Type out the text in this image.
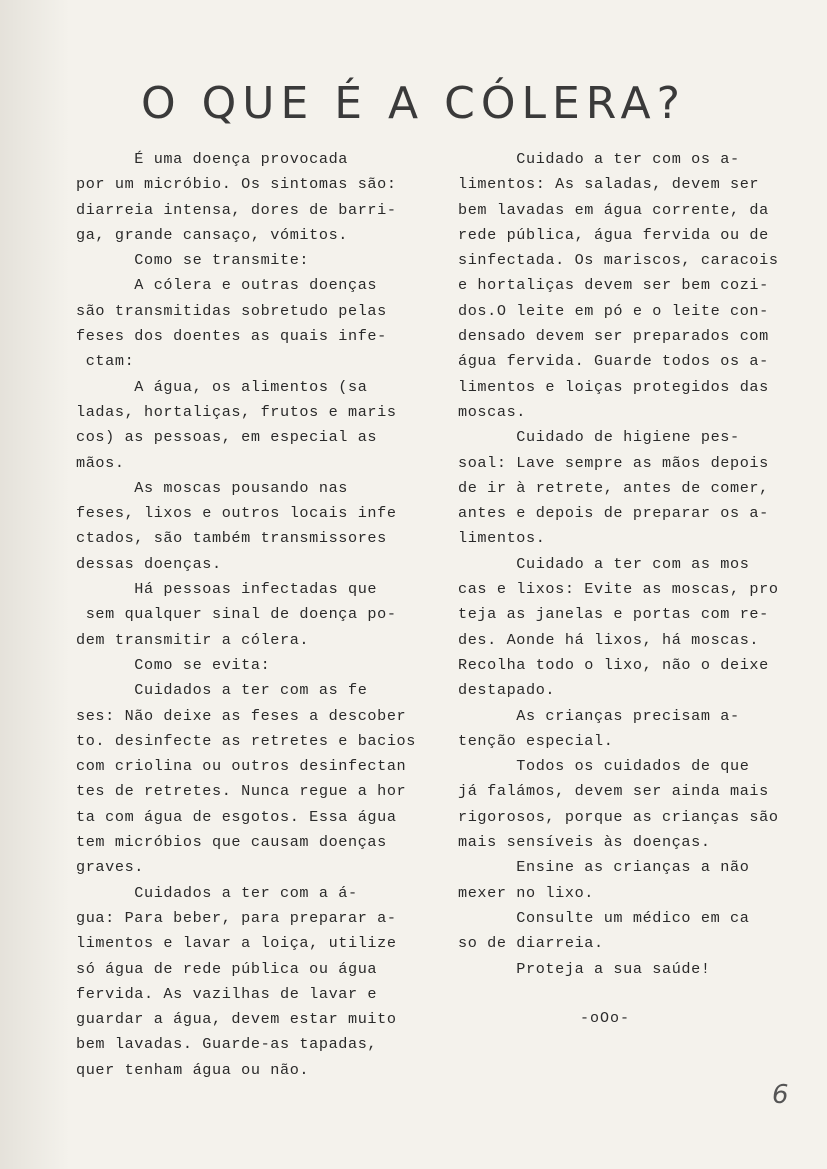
O QUE É A CÓLERA?
É uma doença provocada
por um micróbio. Os sintomas são:
diarreia intensa, dores de barri-
ga, grande cansaço, vómitos.
Como se transmite:
A cólera e outras doenças
são transmitidas sobretudo pelas
feses dos doentes as quais infe-
ctam:
A água, os alimentos (sa
ladas, hortaliças, frutos e maris
cos) as pessoas, em especial as
mãos.
As moscas pousando nas
feses, lixos e outros locais infe
ctados, são também transmissores
dessas doenças.
Há pessoas infectadas que
sem qualquer sinal de doença po-
dem transmitir a cólera.
Como se evita:
Cuidados a ter com as fe
ses: Não deixe as feses a descober
to. desinfecte as retretes e bacios
com criolina ou outros desinfectan
tes de retretes. Nunca regue a hor
ta com água de esgotos. Essa água
tem micróbios que causam doenças
graves.
Cuidados a ter com a á-
gua: Para beber, para preparar a-
limentos e lavar a loiça, utilize
só água de rede pública ou água
fervida. As vazilhas de lavar e
guardar a água, devem estar muito
bem lavadas. Guarde-as tapadas,
quer tenham água ou não.
Cuidado a ter com os a-
limentos: As saladas, devem ser
bem lavadas em água corrente, da
rede pública, água fervida ou de
sinfectada. Os mariscos, caracois
e hortaliças devem ser bem cozi-
dos.O leite em pó e o leite con-
densado devem ser preparados com
água fervida. Guarde todos os a-
limentos e loiças protegidos das
moscas.
Cuidado de higiene pes-
soal: Lave sempre as mãos depois
de ir à retrete, antes de comer,
antes e depois de preparar os a-
limentos.
Cuidado a ter com as mos
cas e lixos: Evite as moscas, pro
teja as janelas e portas com re-
des. Aonde há lixos, há moscas.
Recolha todo o lixo, não o deixe
destapado.
As crianças precisam a-
tenção especial.
Todos os cuidados de que
já falámos, devem ser ainda mais
rigorosos, porque as crianças são
mais sensíveis às doenças.
Ensine as crianças a não
mexer no lixo.
Consulte um médico em ca
so de diarreia.
Proteja a sua saúde!
-oOo-
6
